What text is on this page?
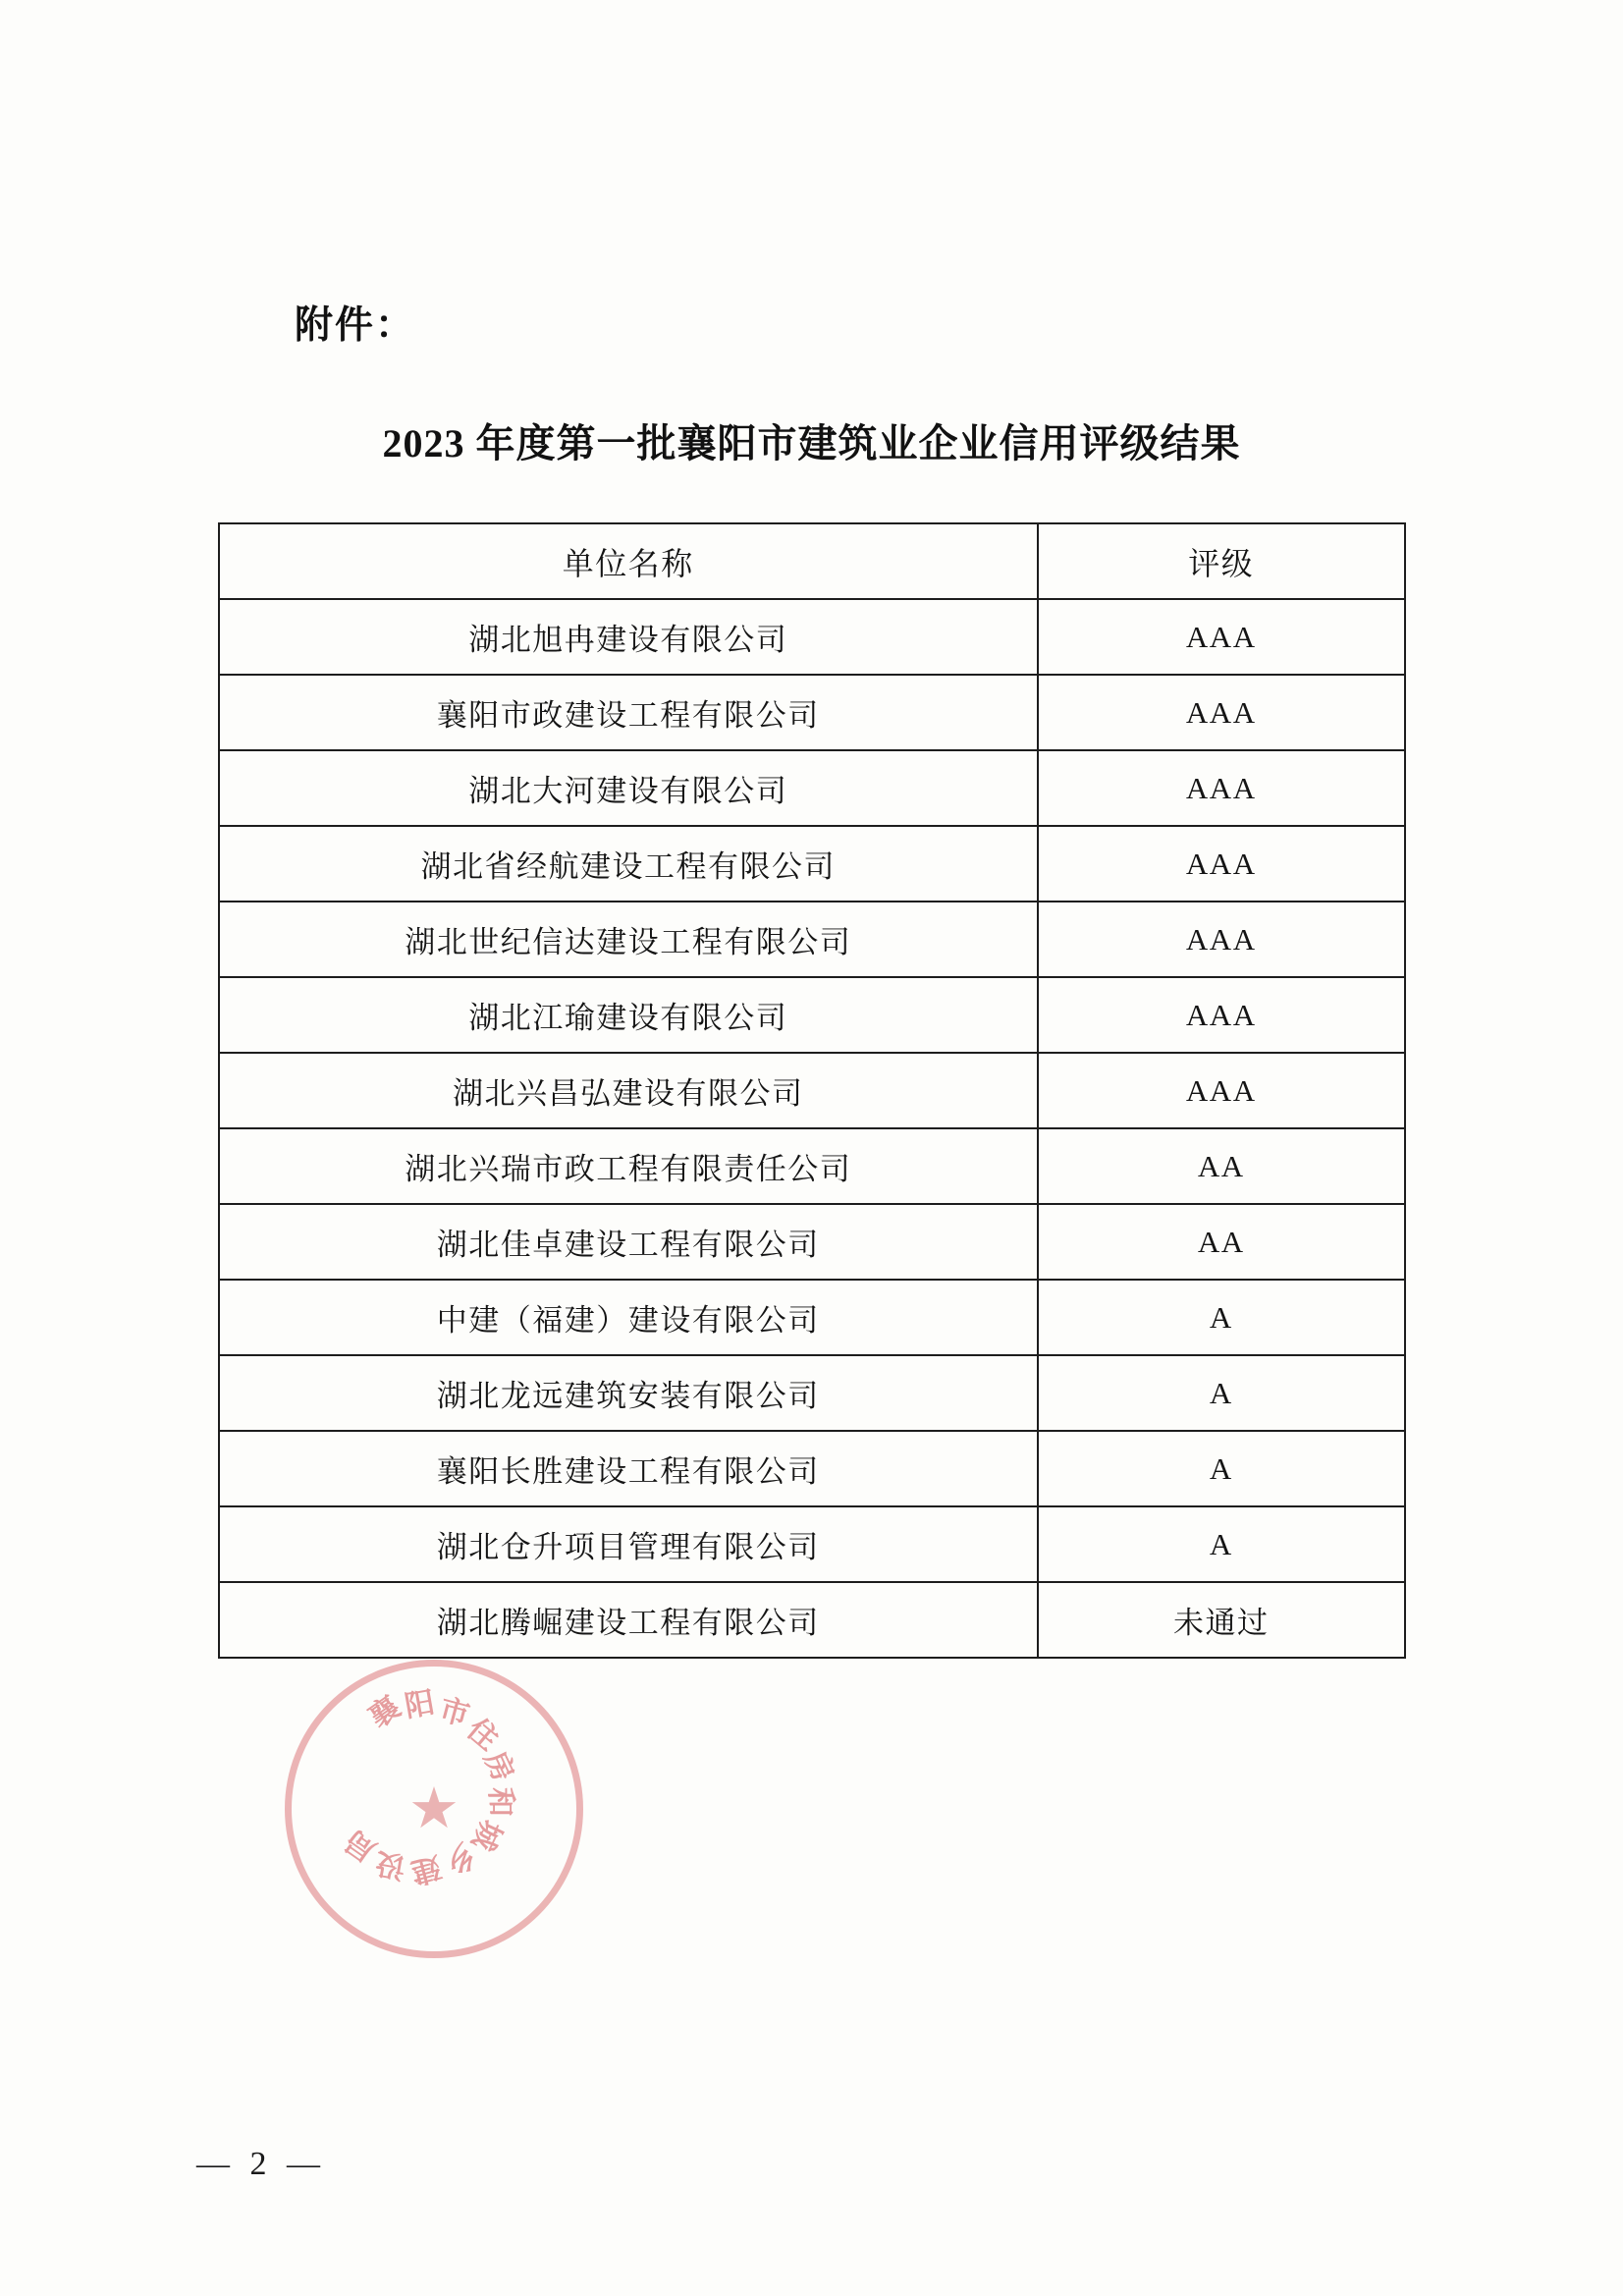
附件：
2023 年度第一批襄阳市建筑业企业信用评级结果
单位名称	评级
湖北旭冉建设有限公司	AAA
襄阳市政建设工程有限公司	AAA
湖北大河建设有限公司	AAA
湖北省经航建设工程有限公司	AAA
湖北世纪信达建设工程有限公司	AAA
湖北江瑜建设有限公司	AAA
湖北兴昌弘建设有限公司	AAA
湖北兴瑞市政工程有限责任公司	AA
湖北佳卓建设工程有限公司	AA
中建（福建）建设有限公司	A
湖北龙远建筑安装有限公司	A
襄阳长胜建设工程有限公司	A
湖北仓升项目管理有限公司	A
湖北腾崛建设工程有限公司	未通过
★
襄
阳
市
住
房
和
城
乡
建
设
局
— 2 —
